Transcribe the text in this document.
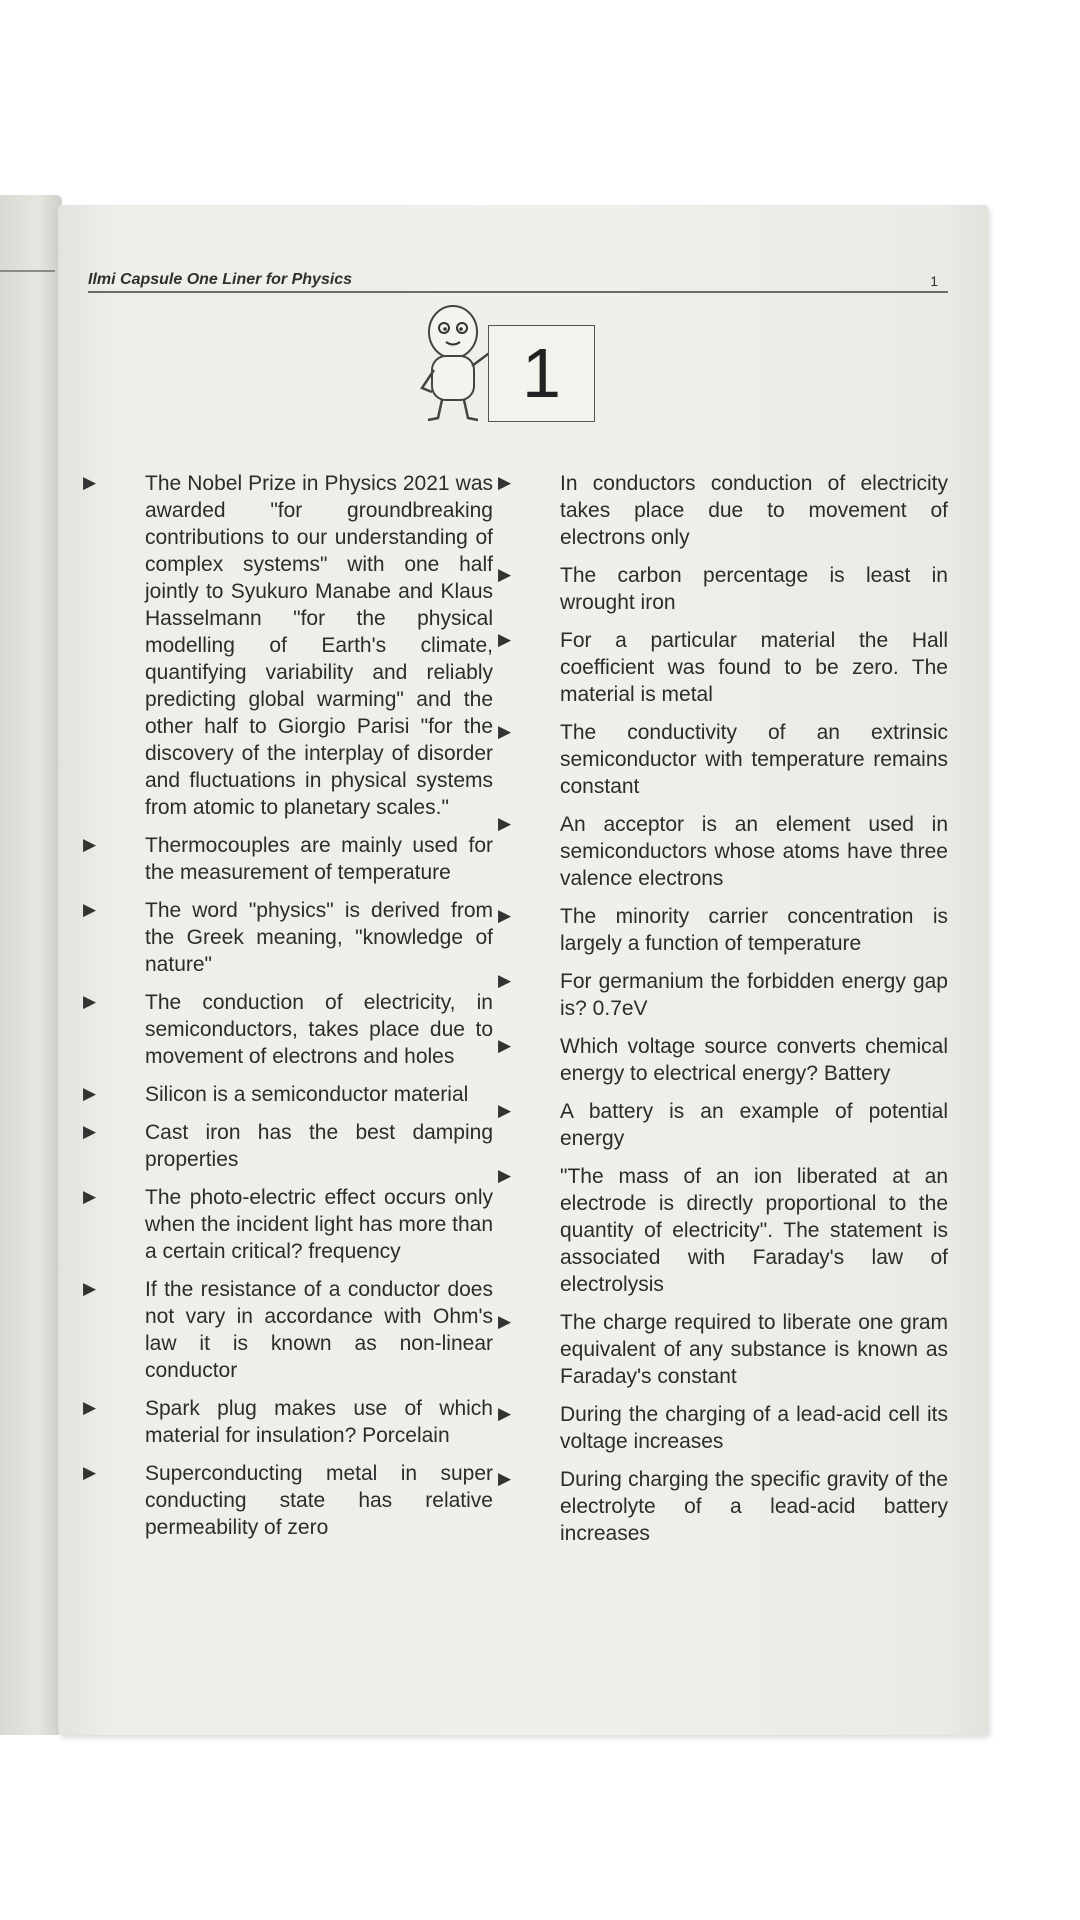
Ilmi Capsule One Liner for Physics	1
1
▶ The Nobel Prize in Physics 2021 was awarded "for groundbreaking contributions to our understanding of complex systems" with one half jointly to Syukuro Manabe and Klaus Hasselmann "for the physical modelling of Earth's climate, quantifying variability and reliably predicting global warming" and the other half to Giorgio Parisi "for the discovery of the interplay of disorder and fluctuations in physical systems from atomic to planetary scales."
▶ Thermocouples are mainly used for the measurement of temperature
▶ The word "physics" is derived from the Greek meaning, "knowledge of nature"
▶ The conduction of electricity, in semiconductors, takes place due to movement of electrons and holes
▶ Silicon is a semiconductor material
▶ Cast iron has the best damping properties
▶ The photo-electric effect occurs only when the incident light has more than a certain critical? frequency
▶ If the resistance of a conductor does not vary in accordance with Ohm's law it is known as non-linear conductor
▶ Spark plug makes use of which material for insulation? Porcelain
▶ Superconducting metal in super conducting state has relative permeability of zero
▶ In conductors conduction of electricity takes place due to movement of electrons only
▶ The carbon percentage is least in wrought iron
▶ For a particular material the Hall coefficient was found to be zero. The material is metal
▶ The conductivity of an extrinsic semiconductor with temperature remains constant
▶ An acceptor is an element used in semiconductors whose atoms have three valence electrons
▶ The minority carrier concentration is largely a function of temperature
▶ For germanium the forbidden energy gap is? 0.7eV
▶ Which voltage source converts chemical energy to electrical energy? Battery
▶ A battery is an example of potential energy
▶ "The mass of an ion liberated at an electrode is directly proportional to the quantity of electricity". The statement is associated with Faraday's law of electrolysis
▶ The charge required to liberate one gram equivalent of any substance is known as Faraday's constant
▶ During the charging of a lead-acid cell its voltage increases
▶ During charging the specific gravity of the electrolyte of a lead-acid battery increases
